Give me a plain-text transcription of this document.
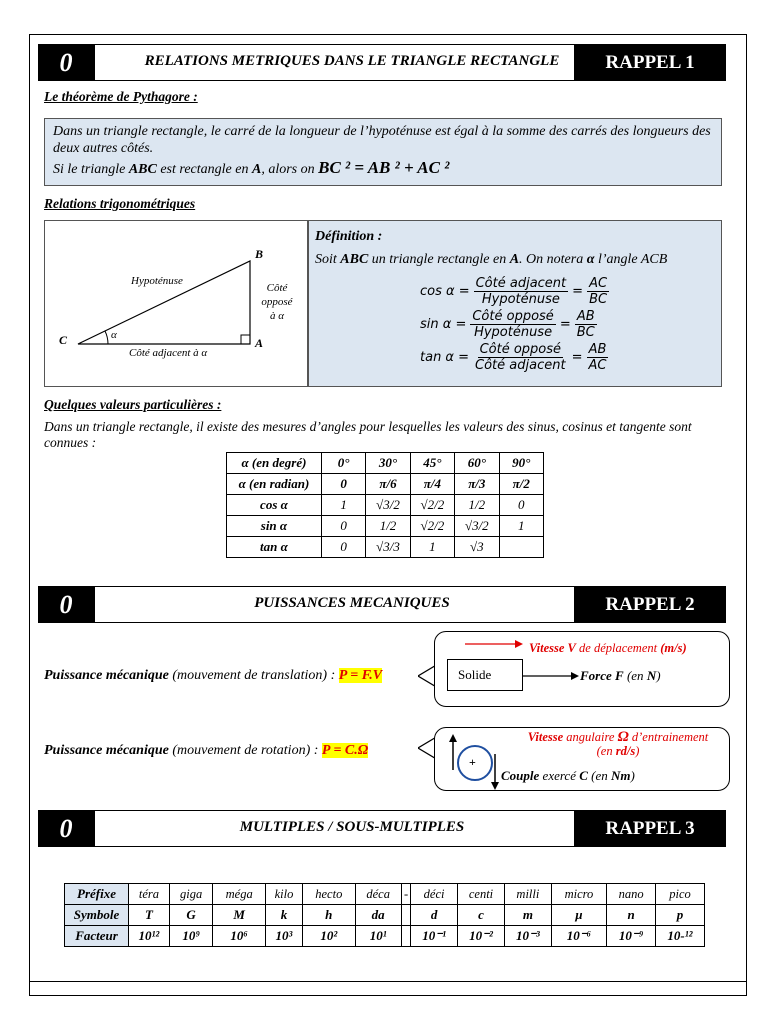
0	RELATIONS METRIQUES DANS LE TRIANGLE RECTANGLE	RAPPEL 1
Le théorème de Pythagore :
Dans un triangle rectangle, le carré de la longueur de l’hypoténuse est égal à la somme des carrés des longueurs des deux autres côtés.
Si le triangle ABC est rectangle en A, alors on BC ² = AB ² + AC ²
Relations trigonométriques
B
C	A
α
Hypoténuse
Côté
opposé
à α
Côté adjacent à α
Définition :
Soit ABC un triangle rectangle en A. On notera α l’angle ACB
$\cos \alpha = \frac{\text{Côté adjacent}}{\text{Hypoténuse}} = \frac{AC}{BC}$
$\sin \alpha = \frac{\text{Côté opposé}}{\text{Hypoténuse}} = \frac{AB}{BC}$
$\tan \alpha = \frac{\text{Côté opposé}}{\text{Côté adjacent}} = \frac{AB}{AC}$
Quelques valeurs particulières :
Dans un triangle rectangle, il existe des mesures d’angles pour lesquelles les valeurs des sinus, cosinus et tangente sont connues :
α (en degré)	0°	30°	45°	60°	90°
α (en radian)	0	π/6	π/4	π/3	π/2
cos α	1	√3/2	√2/2	1/2	0
sin α	0	1/2	√2/2	√3/2	1
tan α	0	√3/3	1	√3	
0	PUISSANCES MECANIQUES	RAPPEL 2
Puissance mécanique (mouvement de translation) : P = F.V
Vitesse V de déplacement (m/s)
Solide	Force F (en N)
Puissance mécanique (mouvement de rotation) : P = C.Ω
+
Vitesse angulaire Ω d’entrainement
(en rd/s)
Couple exercé C (en Nm)
0	MULTIPLES / SOUS-MULTIPLES	RAPPEL 3
Préfixe	téra	giga	méga	kilo	hecto	déca	-	déci	centi	milli	micro	nano	pico
Symbole	T	G	M	k	h	da		d	c	m	µ	n	p
Facteur	10¹²	10⁹	10⁶	10³	10²	10¹		10⁻¹	10⁻²	10⁻³	10⁻⁶	10⁻⁹	10-¹²
